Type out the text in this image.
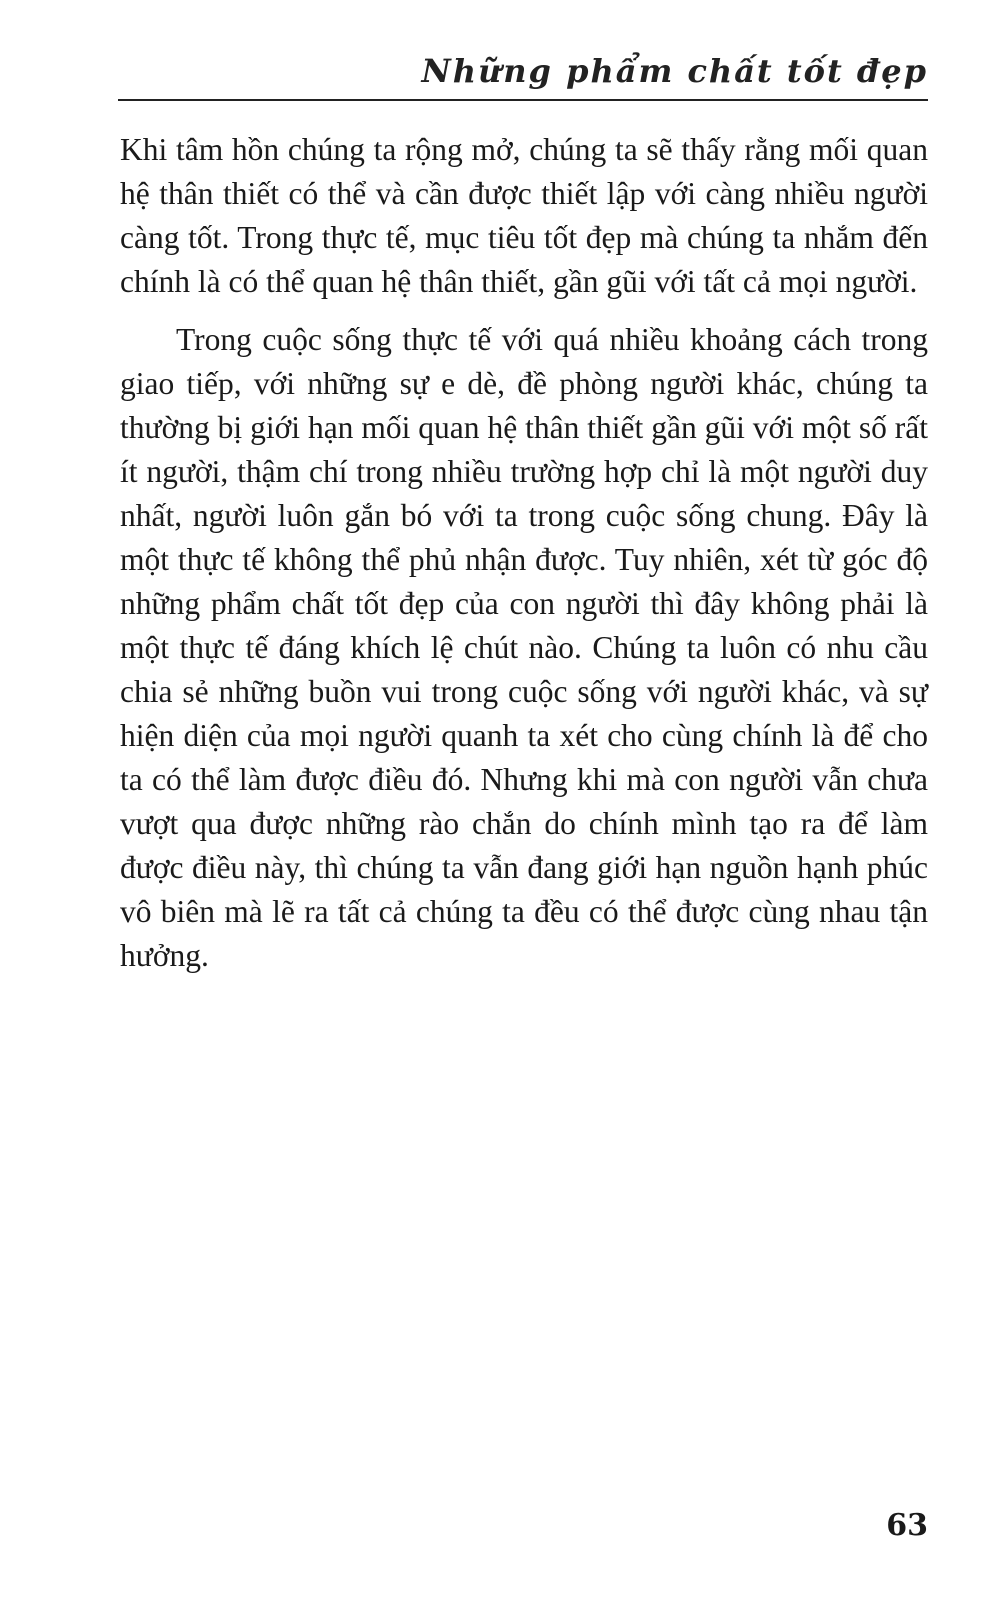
Những phẩm chất tốt đẹp

Khi tâm hồn chúng ta rộng mở, chúng ta sẽ thấy rằng mối quan hệ thân thiết có thể và cần được thiết lập với càng nhiều người càng tốt. Trong thực tế, mục tiêu tốt đẹp mà chúng ta nhắm đến chính là có thể quan hệ thân thiết, gần gũi với tất cả mọi người.

Trong cuộc sống thực tế với quá nhiều khoảng cách trong giao tiếp, với những sự e dè, đề phòng người khác, chúng ta thường bị giới hạn mối quan hệ thân thiết gần gũi với một số rất ít người, thậm chí trong nhiều trường hợp chỉ là một người duy nhất, người luôn gắn bó với ta trong cuộc sống chung. Đây là một thực tế không thể phủ nhận được. Tuy nhiên, xét từ góc độ những phẩm chất tốt đẹp của con người thì đây không phải là một thực tế đáng khích lệ chút nào. Chúng ta luôn có nhu cầu chia sẻ những buồn vui trong cuộc sống với người khác, và sự hiện diện của mọi người quanh ta xét cho cùng chính là để cho ta có thể làm được điều đó. Nhưng khi mà con người vẫn chưa vượt qua được những rào chắn do chính mình tạo ra để làm được điều này, thì chúng ta vẫn đang giới hạn nguồn hạnh phúc vô biên mà lẽ ra tất cả chúng ta đều có thể được cùng nhau tận hưởng.

63
